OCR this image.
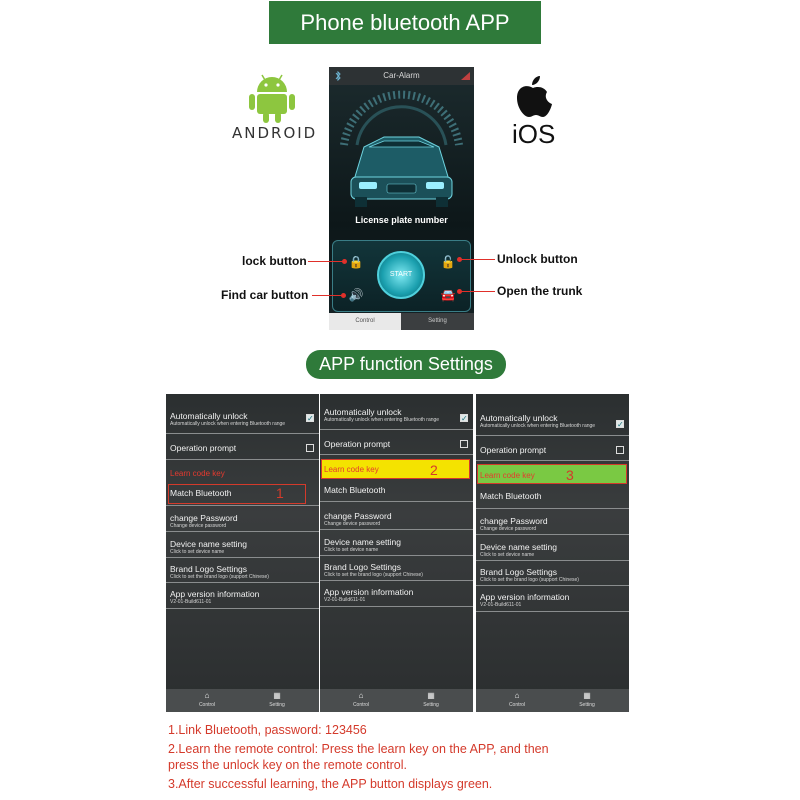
Phone bluetooth APP
ANDROID	iOS
Car-Alarm
License plate number
START
🔒	🔓
🔊	🚘
Control	Setting
lock button
Find car button
Unlock button
Open the trunk
APP function Settings
Automatically unlock
Automatically unlock when entering Bluetooth range
✓
Operation prompt
Learn code key
Match Bluetooth	1
change Password
Change device password
Device name setting
Click to set device name
Brand Logo Settings
Click to set the brand logo (support Chinese)
App version information
V2-01-Build611-01
⌂
Control
▦
Setting
Automatically unlock
Automatically unlock when entering Bluetooth range	✓
Operation prompt
Learn code key	2
Match Bluetooth
change Password
Change device password
Device name setting
Click to set device name
Brand Logo Settings
Click to set the brand logo (support Chinese)
App version information
V2-01-Build611-01
⌂
Control
▦
Setting
Automatically unlock
Automatically unlock when entering Bluetooth range	✓
Operation prompt
Learn code key 3
Match Bluetooth
change Password
Change device password
Device name setting
Click to set device name
Brand Logo Settings
Click to set the brand logo (support Chinese)
App version information
V2-01-Build611-01
⌂
Control
▦
Setting
1.Link Bluetooth, password: 123456
2.Learn the remote control: Press the learn key on the APP, and then
press the unlock key on the remote control.
3.After successful learning, the APP button displays green.
